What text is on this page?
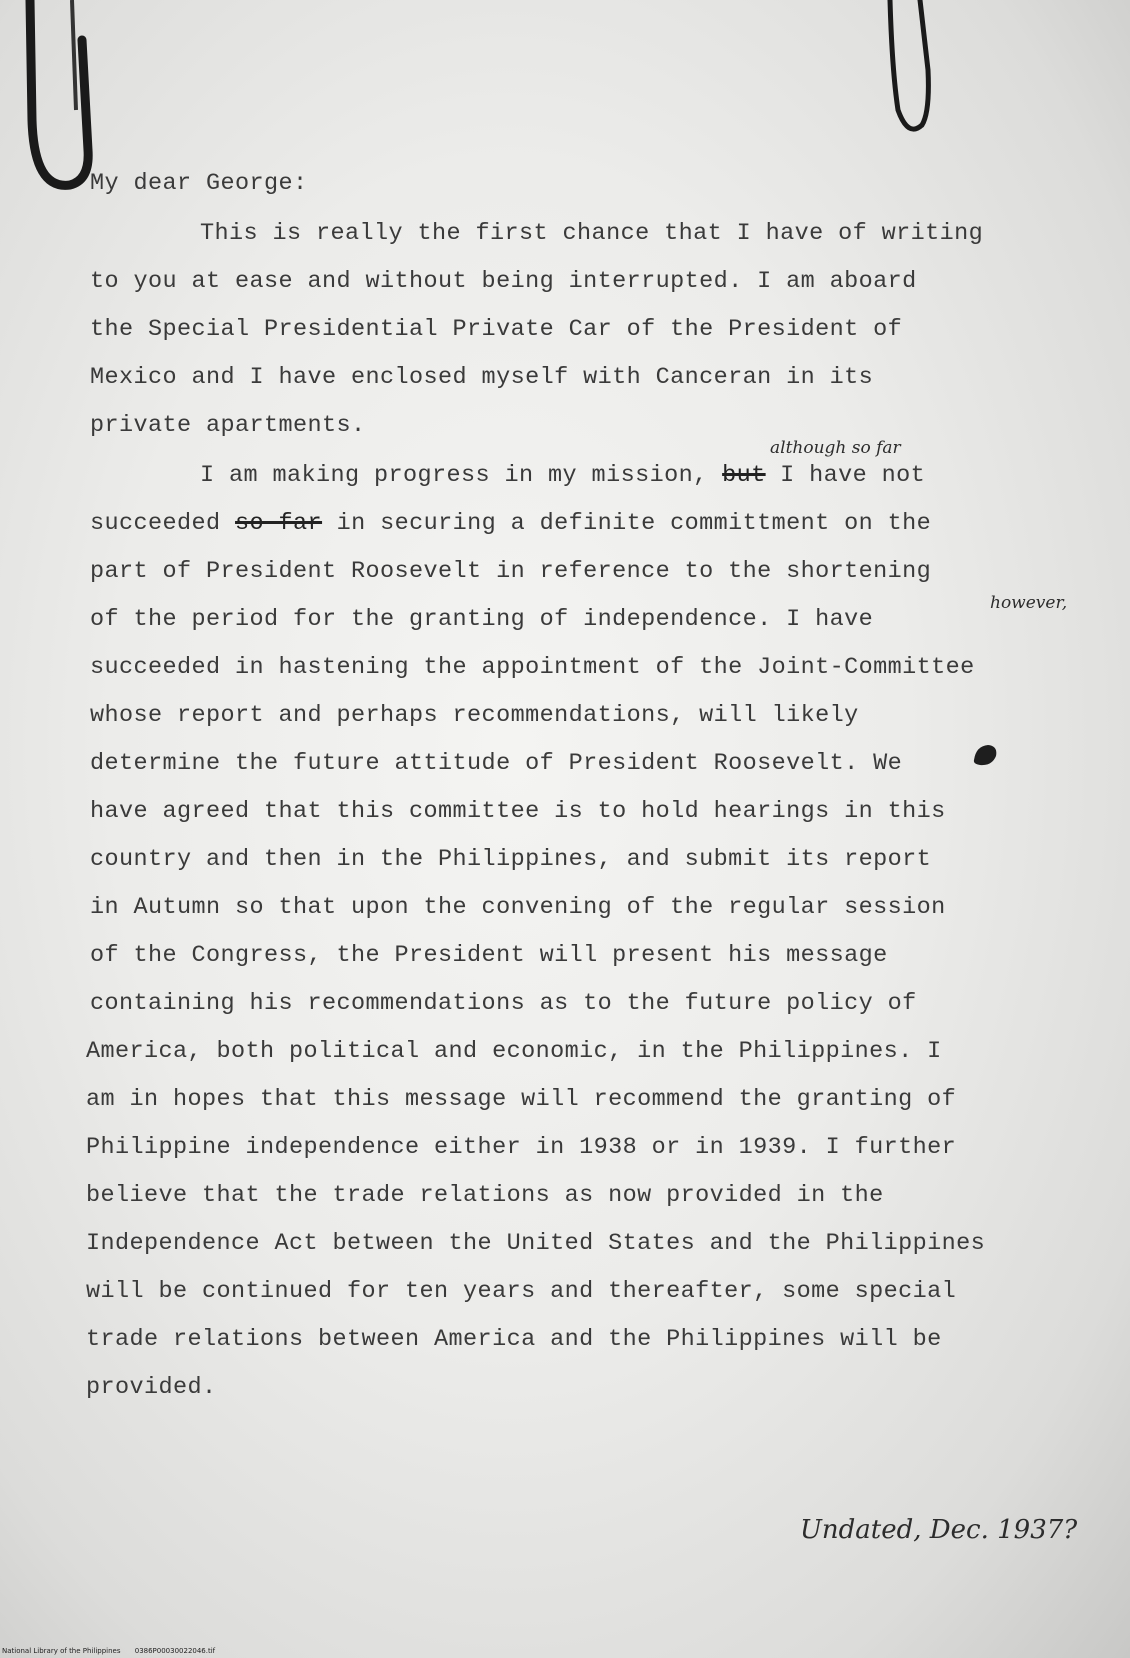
My dear George:
This is really the first chance that I have of writing
to you at ease and without being interrupted. I am aboard
the Special Presidential Private Car of the President of
Mexico and I have enclosed myself with Canceran in its
private apartments.
I am making progress in my mission, but I have not
succeeded so far in securing a definite committment on the
part of President Roosevelt in reference to the shortening
of the period for the granting of independence. I have
succeeded in hastening the appointment of the Joint-Committee
whose report and perhaps recommendations, will likely
determine the future attitude of President Roosevelt. We
have agreed that this committee is to hold hearings in this
country and then in the Philippines, and submit its report
in Autumn so that upon the convening of the regular session
of the Congress, the President will present his message
containing his recommendations as to the future policy of
America, both political and economic, in the Philippines. I
am in hopes that this message will recommend the granting of
Philippine independence either in 1938 or in 1939. I further
believe that the trade relations as now provided in the
Independence Act between the United States and the Philippines
will be continued for ten years and thereafter, some special
trade relations between America and the Philippines will be
provided.
although so far
however,
Undated, Dec. 1937?
National Library of the Philippines 0386P00030022046.tif
